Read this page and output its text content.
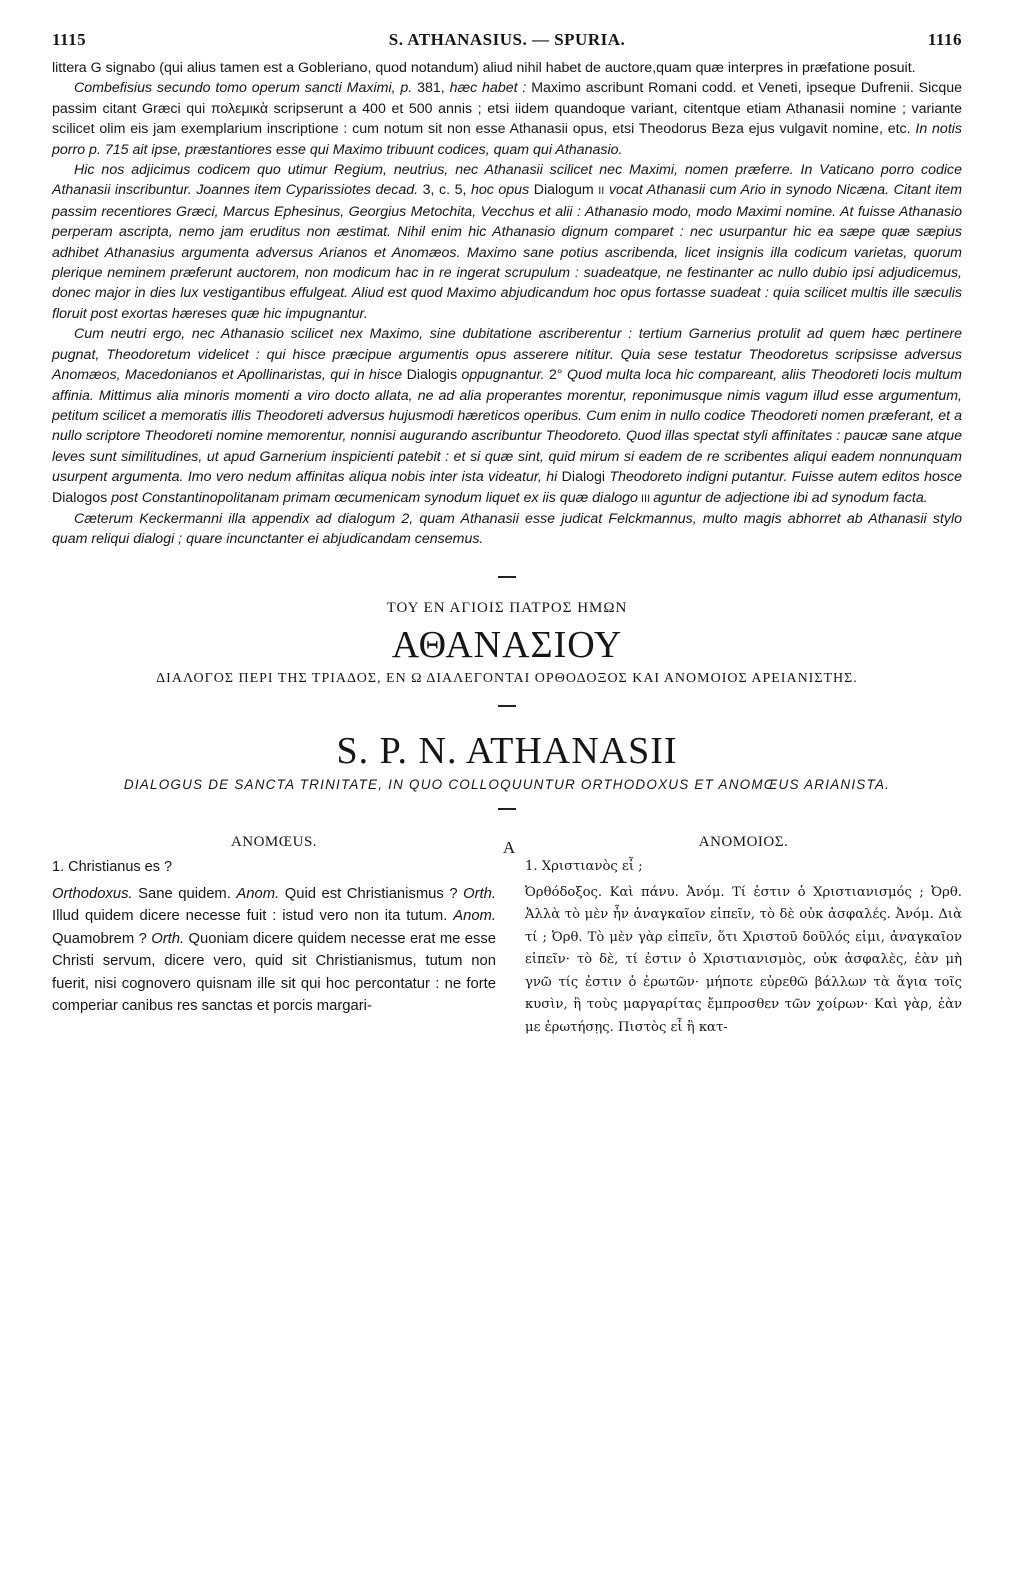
1115	S. ATHANASIUS. — SPURIA.	1116

littera G signabo (qui alius tamen est a Gobleriano, quod notandum) aliud nihil habet de auctore,quam quæ interpres in præfatione posuit.

Combefisius secundo tomo operum sancti Maximi, p. 381, hæc habet : Maximo ascribunt Romani codd. et Veneti, ipseque Dufrenii. Sicque passim citant Græci qui πολεμικὰ scripserunt a 400 et 500 annis ; etsi iidem quandoque variant, citentque etiam Athanasii nomine ; variante scilicet olim eis jam exemplarium inscriptione : cum notum sit non esse Athanasii opus, etsi Theodorus Beza ejus vulgavit nomine, etc. In notis porro p. 715 ait ipse, præstantiores esse qui Maximo tribuunt codices, quam qui Athanasio.

Hic nos adjicimus codicem quo utimur Regium, neutrius, nec Athanasii scilicet nec Maximi, nomen præferre. In Vaticano porro codice Athanasii inscribuntur. Joannes item Cyparissiotes decad. 3, c. 5, hoc opus Dialogum II vocat Athanasii cum Ario in synodo Nicæna. Citant item passim recentiores Græci, Marcus Ephesinus, Georgius Metochita, Vecchus et alii : Athanasio modo, modo Maximi nomine. At fuisse Athanasio perperam ascripta, nemo jam eruditus non æstimat. Nihil enim hic Athanasio dignum comparet : nec usurpantur hic ea sæpe quæ sæpius adhibet Athanasius argumenta adversus Arianos et Anomæos. Maximo sane potius ascribenda, licet insignis illa codicum varietas, quorum plerique neminem præferunt auctorem, non modicum hac in re ingerat scrupulum : suadeatque, ne festinanter ac nullo dubio ipsi adjudicemus, donec major in dies lux vestigantibus effulgeat. Aliud est quod Maximo abjudicandum hoc opus fortasse suadeat : quia scilicet multis ille sæculis floruit post exortas hæreses quæ hic impugnantur.

Cum neutri ergo, nec Athanasio scilicet nex Maximo, sine dubitatione ascriberentur : tertium Garnerius protulit ad quem hæc pertinere pugnat, Theodoretum videlicet : qui hisce præcipue argumentis opus asserere nititur. Quia sese testatur Theodoretus scripsisse adversus Anomæos, Macedonianos et Apollinaristas, qui in hisce Dialogis oppugnantur. 2° Quod multa loca hic compareant, aliis Theodoreti locis multum affinia. Mittimus alia minoris momenti a viro docto allata, ne ad alia properantes morentur, reponimusque nimis vagum illud esse argumentum, petitum scilicet a memoratis illis Theodoreti adversus hujusmodi hæreticos operibus. Cum enim in nullo codice Theodoreti nomen præferant, et a nullo scriptore Theodoreti nomine memorentur, nonnisi augurando ascribuntur Theodoreto. Quod illas spectat styli affinitates : paucæ sane atque leves sunt similitudines, ut apud Garnerium inspicienti patebit : et si quæ sint, quid mirum si eadem de re scribentes aliqui eadem nonnunquam usurpent argumenta. Imo vero nedum affinitas aliqua nobis inter ista videatur, hi Dialogi Theodoreto indigni putantur. Fuisse autem editos hosce Dialogos post Constantinopolitanam primam œcumenicam synodum liquet ex iis quæ dialogo III aguntur de adjectione ibi ad synodum facta.

Cæterum Keckermanni illa appendix ad dialogum 2, quam Athanasii esse judicat Felckmannus, multo magis abhorret ab Athanasii stylo quam reliqui dialogi ; quare incunctanter ei abjudicandam censemus.

ΤΟΥ ΕΝ ΑΓΙΟΙΣ ΠΑΤΡΟΣ ΗΜΩΝ
ΑΘΑΝΑΣΙΟΥ
ΔΙΑΛΟΓΟΣ ΠΕΡΙ ΤΗΣ ΤΡΙΑΔΟΣ, ΕΝ Ω ΔΙΑΛΕΓΟΝΤΑΙ ΟΡΘΟΔΟΞΟΣ ΚΑΙ ΑΝΟΜΟΙΟΣ ΑΡΕΙΑΝΙΣΤΗΣ.
S. P. N. ATHANASII
DIALOGUS DE SANCTA TRINITATE, IN QUO COLLOQUUNTUR ORTHODOXUS ET ANOMŒUS ARIANISTA.
ANOMŒUS.
1. Christianus es ?
Orthodoxus. Sane quidem. Anom. Quid est Christianismus ? Orth. Illud quidem dicere necesse fuit : istud vero non ita tutum. Anom. Quamobrem ? Orth. Quoniam dicere quidem necesse erat me esse Christi servum, dicere vero, quid sit Christianismus, tutum non fuerit, nisi cognovero quisnam ille sit qui hoc percontatur : ne forte comperiar canibus res sanctas et porcis margari-
A	ΑΝΟΜΟΙΟΣ.
1. Χριστιανὸς εἶ ;
Ὀρθόδοξος. Καὶ πάνυ. Ἀνόμ. Τί ἐστιν ὁ Χριστιανισμός ; Ὀρθ. Ἀλλὰ τὸ μὲν ἦν ἀναγκαῖον εἰπεῖν, τὸ δὲ οὐκ ἀσφαλές. Ἀνόμ. Διὰ τί ; Ὀρθ. Τὸ μὲν γὰρ εἰπεῖν, ὅτι Χριστοῦ δοῦλός εἰμι, ἀναγκαῖον εἰπεῖν· τὸ δὲ, τί ἐστιν ὁ Χριστιανισμὸς, οὐκ ἀσφαλὲς, ἐὰν μὴ γνῶ τίς ἐστιν ὁ ἐρωτῶν· μήποτε εὑρεθῶ βάλλων τὰ ἅγια τοῖς κυσὶν, ἢ τοὺς μαργαρίτας ἔμπροσθεν τῶν χοίρων· Καὶ γὰρ, ἐὰν με ἐρωτήσῃς. Πιστὸς εἶ ἢ κατ-
